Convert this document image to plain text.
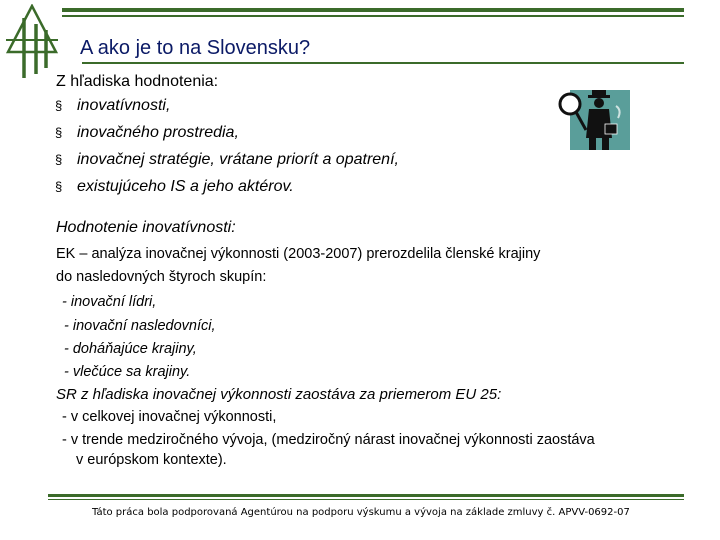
A ako je to na Slovensku?
Z hľadiska hodnotenia:
§ inovatívnosti,
§ inovačného prostredia,
§ inovačnej stratégie, vrátane priorít a opatrení,
§ existujúceho IS a jeho aktérov.
Hodnotenie inovatívnosti:
EK – analýza inovačnej výkonnosti (2003-2007) prerozdelila členské krajiny
do nasledovných štyroch skupín:
- inovační lídri,
- inovační nasledovníci,
- doháňajúce krajiny,
- vlečúce sa krajiny.
SR z hľadiska inovačnej výkonnosti zaostáva za priemerom EU 25:
- v celkovej inovačnej výkonnosti,
- v trende medziročného vývoja, (medziročný nárast inovačnej výkonnosti zaostáva
v európskom kontexte).
Táto práca bola podporovaná Agentúrou na podporu výskumu a vývoja na základe zmluvy č. APVV-0692-07
